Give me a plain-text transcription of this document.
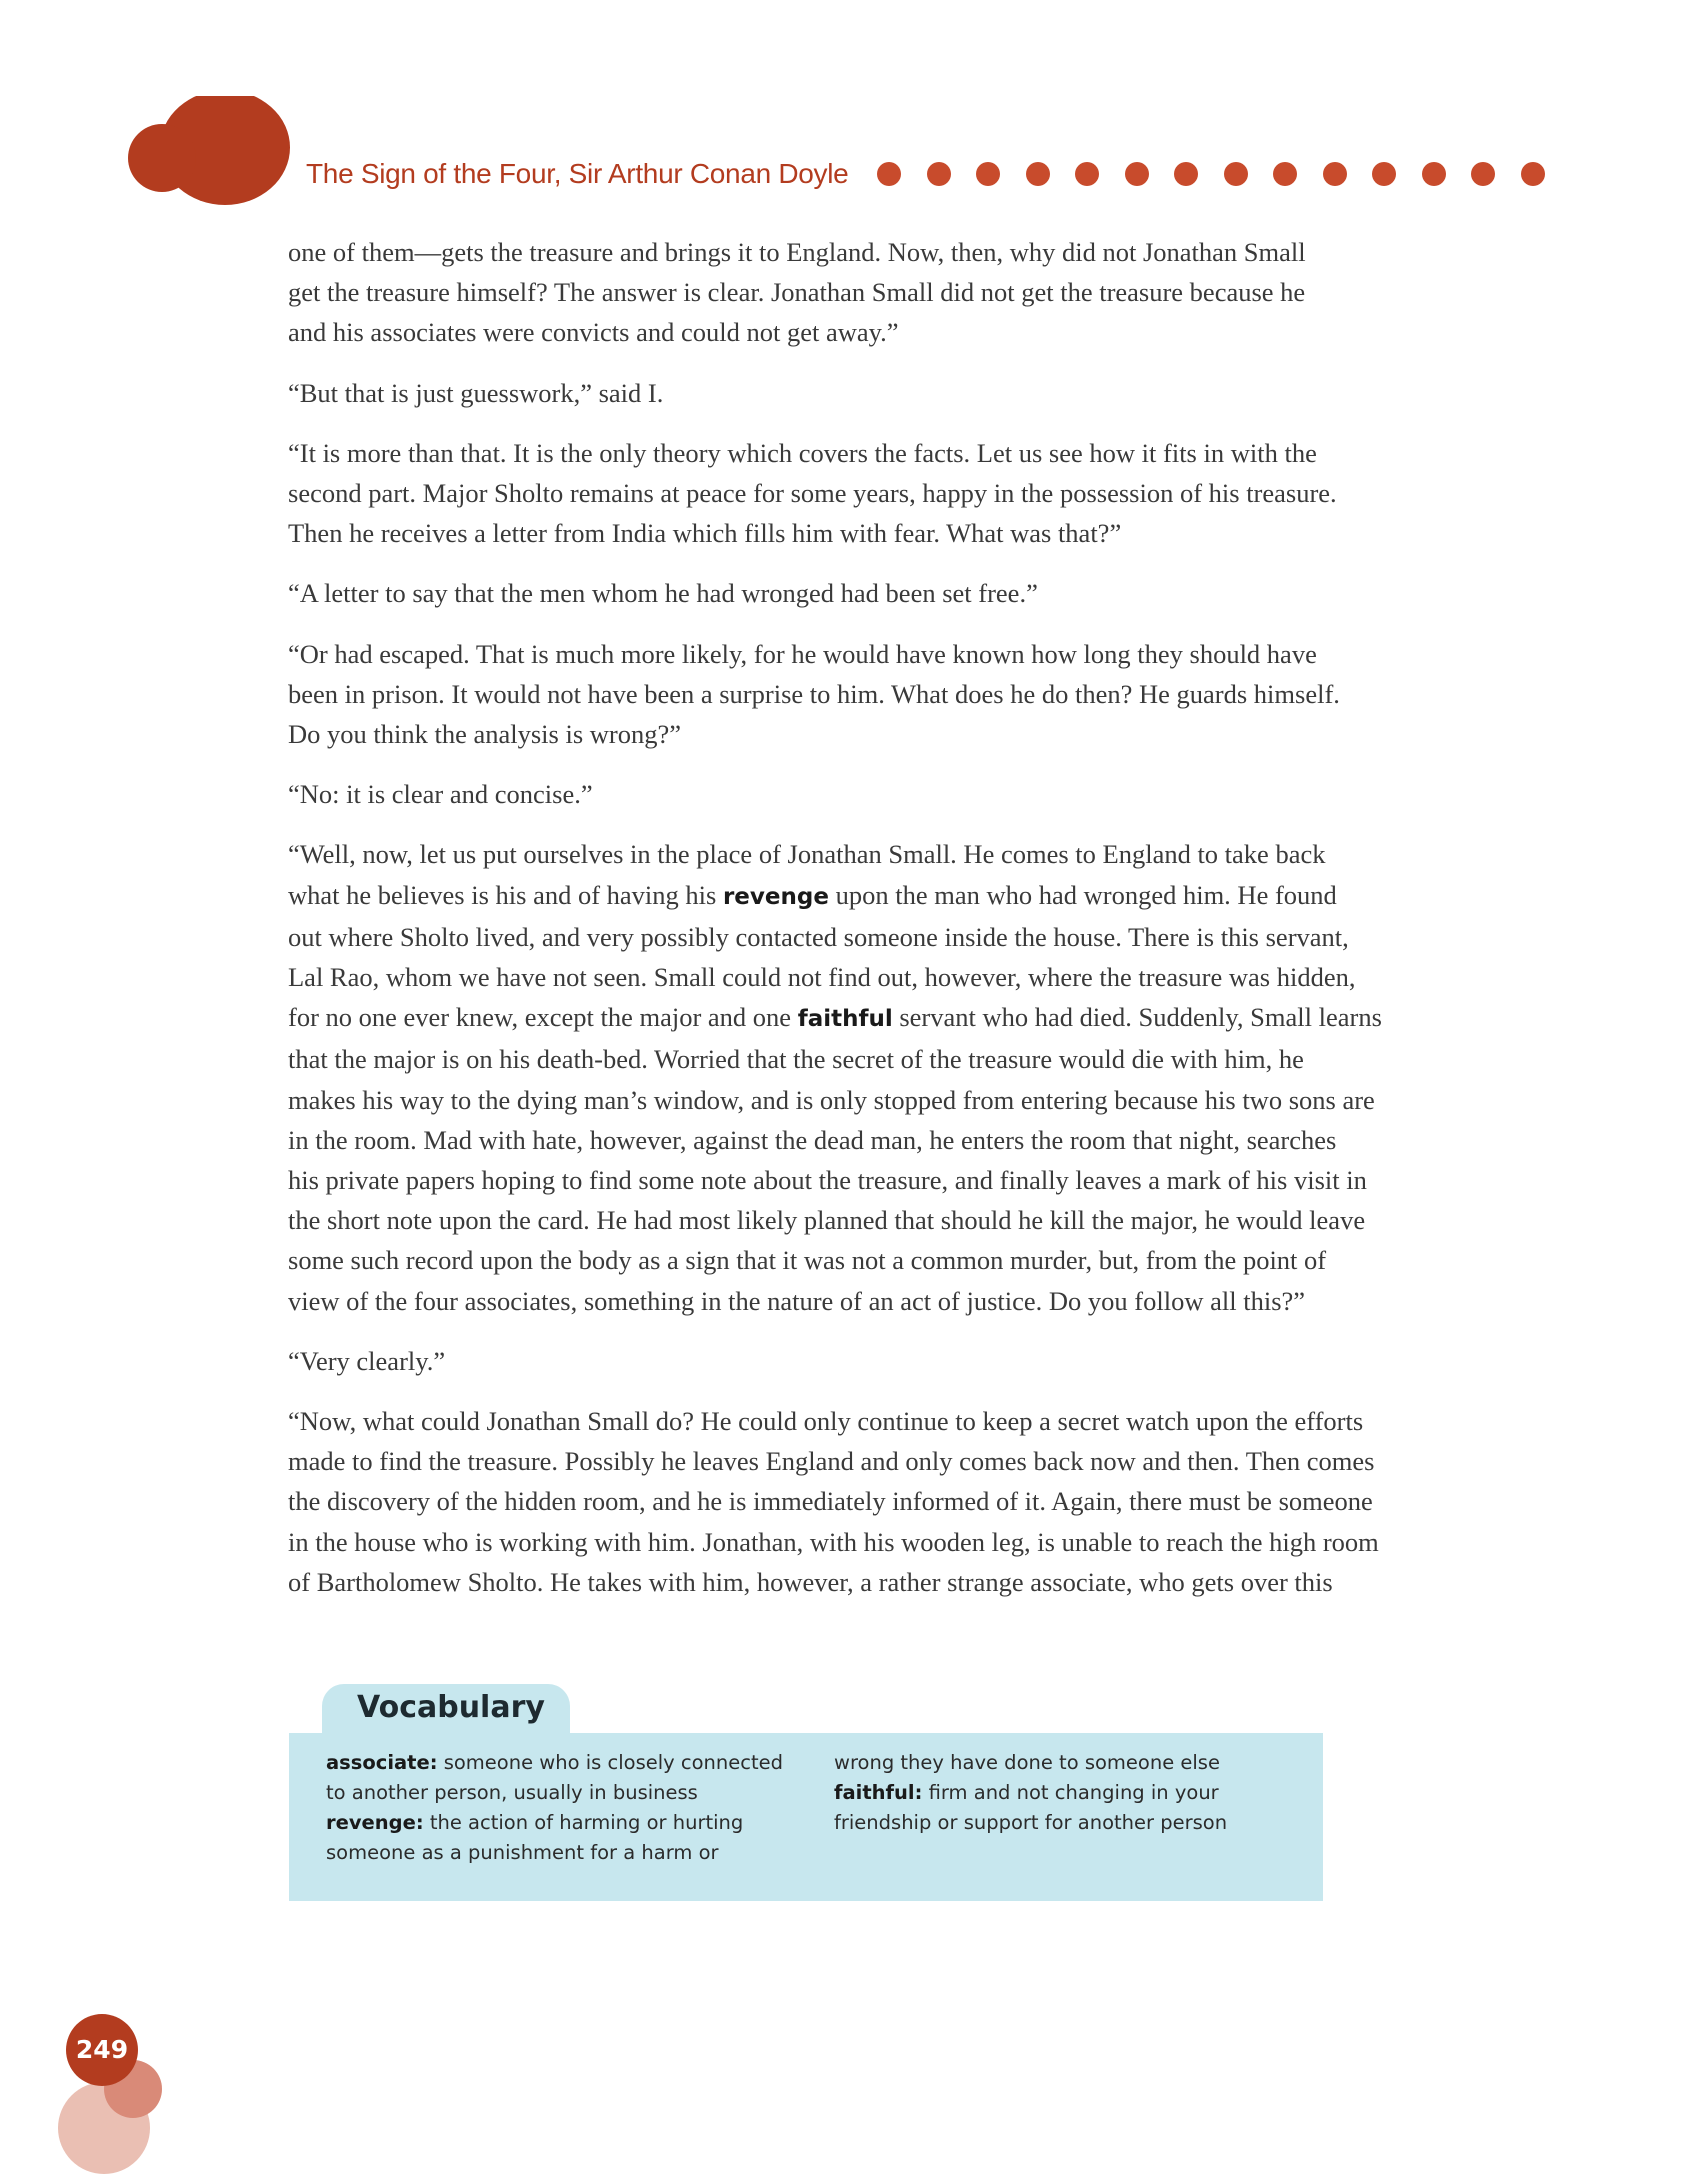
The Sign of the Four, Sir Arthur Conan Doyle

one of them—gets the treasure and brings it to England. Now, then, why did not Jonathan Small
get the treasure himself? The answer is clear. Jonathan Small did not get the treasure because he
and his associates were convicts and could not get away.”

“But that is just guesswork,” said I.

“It is more than that. It is the only theory which covers the facts. Let us see how it fits in with the
second part. Major Sholto remains at peace for some years, happy in the possession of his treasure.
Then he receives a letter from India which fills him with fear. What was that?”

“A letter to say that the men whom he had wronged had been set free.”

“Or had escaped. That is much more likely, for he would have known how long they should have
been in prison. It would not have been a surprise to him. What does he do then? He guards himself.
Do you think the analysis is wrong?”

“No: it is clear and concise.”

“Well, now, let us put ourselves in the place of Jonathan Small. He comes to England to take back
what he believes is his and of having his revenge upon the man who had wronged him. He found
out where Sholto lived, and very possibly contacted someone inside the house. There is this servant,
Lal Rao, whom we have not seen. Small could not find out, however, where the treasure was hidden,
for no one ever knew, except the major and one faithful servant who had died. Suddenly, Small learns
that the major is on his death-bed. Worried that the secret of the treasure would die with him, he
makes his way to the dying man’s window, and is only stopped from entering because his two sons are
in the room. Mad with hate, however, against the dead man, he enters the room that night, searches
his private papers hoping to find some note about the treasure, and finally leaves a mark of his visit in
the short note upon the card. He had most likely planned that should he kill the major, he would leave
some such record upon the body as a sign that it was not a common murder, but, from the point of
view of the four associates, something in the nature of an act of justice. Do you follow all this?”

“Very clearly.”

“Now, what could Jonathan Small do? He could only continue to keep a secret watch upon the efforts
made to find the treasure. Possibly he leaves England and only comes back now and then. Then comes
the discovery of the hidden room, and he is immediately informed of it. Again, there must be someone
in the house who is working with him. Jonathan, with his wooden leg, is unable to reach the high room
of Bartholomew Sholto. He takes with him, however, a rather strange associate, who gets over this

Vocabulary
associate: someone who is closely connected
to another person, usually in business
revenge: the action of harming or hurting
someone as a punishment for a harm or
wrong they have done to someone else
faithful: firm and not changing in your
friendship or support for another person
249
